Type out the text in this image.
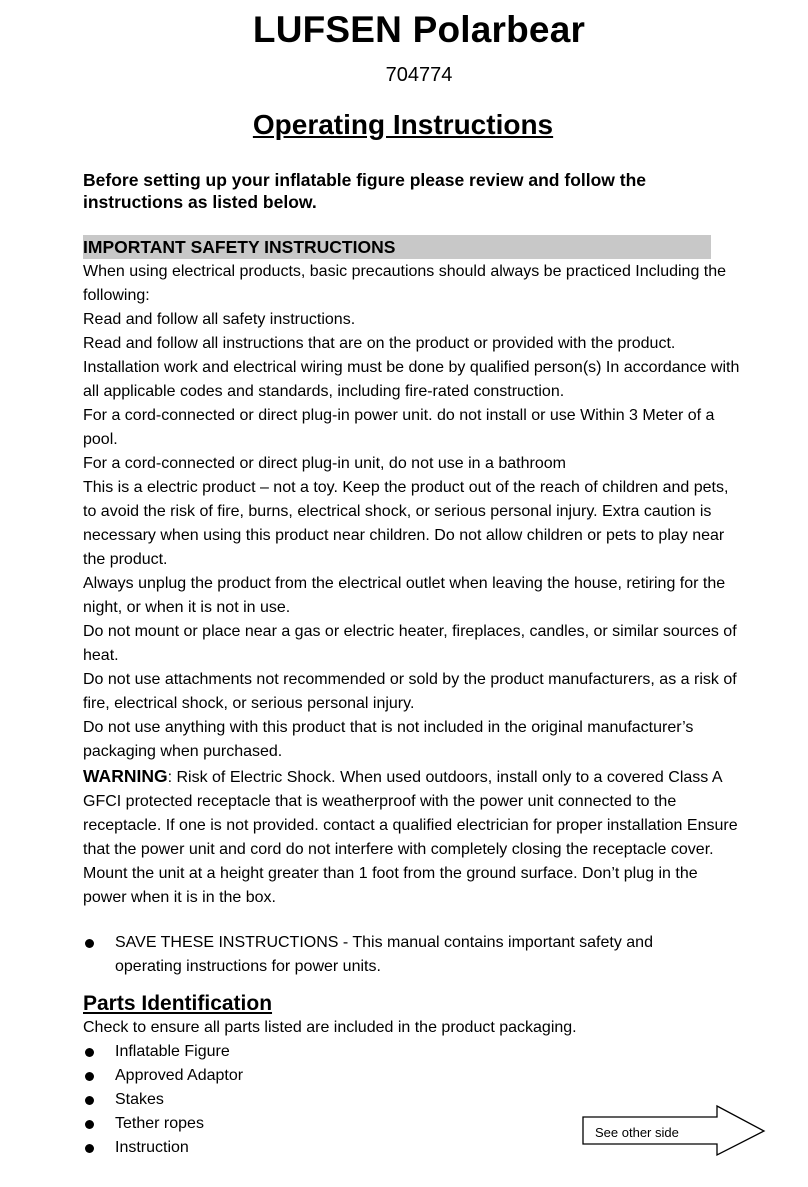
LUFSEN Polarbear
704774
Operating Instructions
Before setting up your inflatable figure please review and follow the instructions as listed below.
IMPORTANT SAFETY INSTRUCTIONS

When using electrical products, basic precautions should always be practiced Including the following:

Read and follow all safety instructions.

Read and follow all instructions that are on the product or provided with the product.

Installation work and electrical wiring must be done by qualified person(s) In accordance with all applicable codes and standards, including fire-rated construction.

For a cord-connected or direct plug-in power unit. do not install or use Within 3 Meter of a pool.

For a cord-connected or direct plug-in unit, do not use in a bathroom

This is a electric product – not a toy. Keep the product out of the reach of children and pets, to avoid the risk of fire, burns, electrical shock, or serious personal injury. Extra caution is necessary when using this product near children. Do not allow children or pets to play near the product.

Always unplug the product from the electrical outlet when leaving the house, retiring for the night, or when it is not in use.

Do not mount or place near a gas or electric heater, fireplaces, candles, or similar sources of heat.

Do not use attachments not recommended or sold by the product manufacturers, as a risk of fire, electrical shock, or serious personal injury.

Do not use anything with this product that is not included in the original manufacturer’s packaging when purchased.

WARNING: Risk of Electric Shock. When used outdoors, install only to a covered Class A GFCI protected receptacle that is weatherproof with the power unit connected to the receptacle. If one is not provided. contact a qualified electrician for proper installation Ensure that the power unit and cord do not interfere with completely closing the receptacle cover. Mount the unit at a height greater than 1 foot from the ground surface. Don’t plug in the power when it is in the box.

SAVE THESE INSTRUCTIONS - This manual contains important safety and operating instructions for power units.
Parts Identification
Check to ensure all parts listed are included in the product packaging.
Inflatable Figure
Approved Adaptor
Stakes
Tether ropes
Instruction
See other side
